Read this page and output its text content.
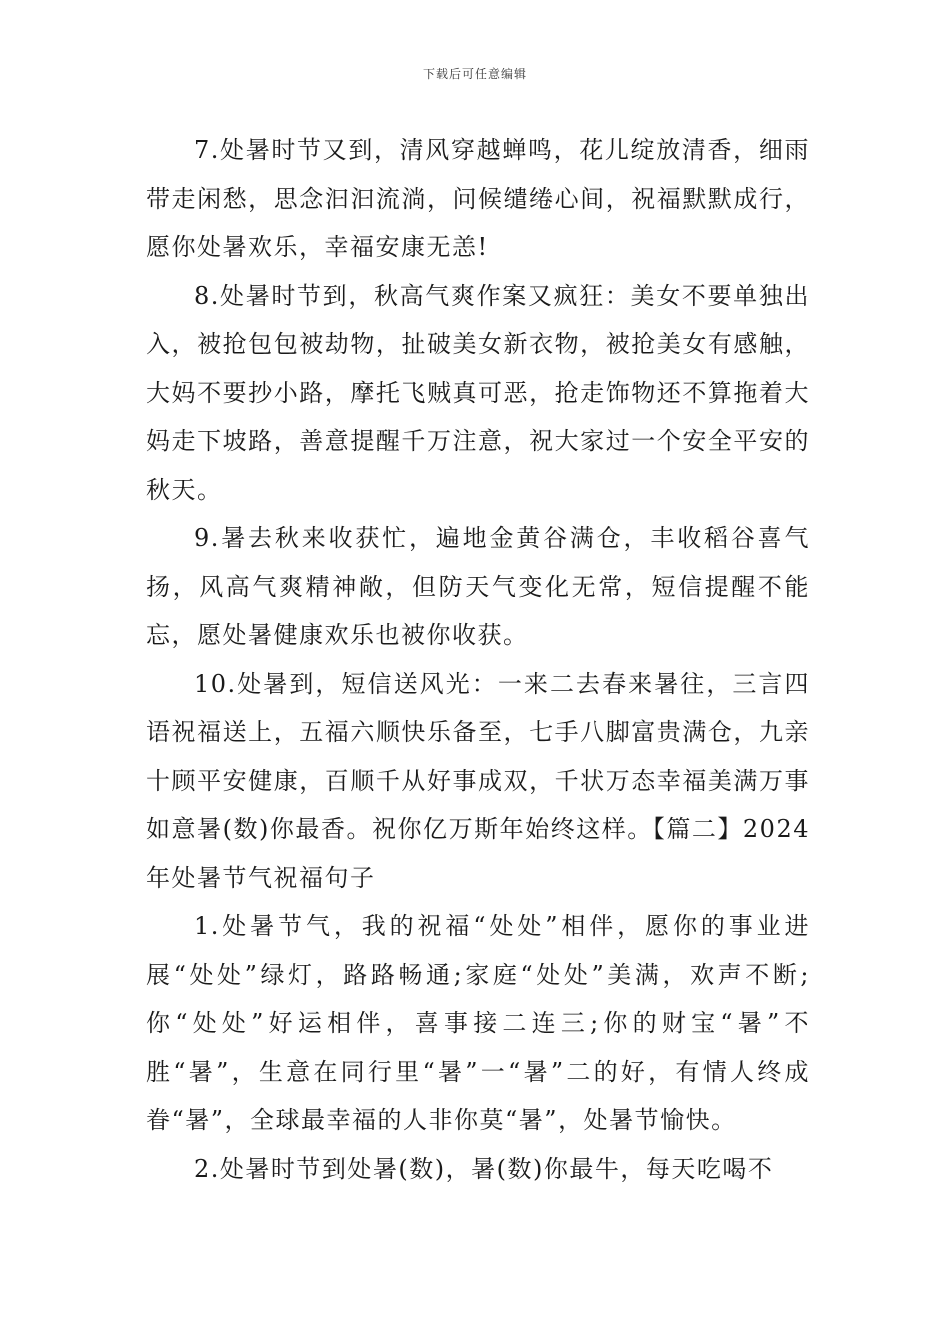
下载后可任意编辑

7.处暑时节又到，清风穿越蝉鸣，花儿绽放清香，细雨带走闲愁，思念汩汩流淌，问候缱绻心间，祝福默默成行，愿你处暑欢乐，幸福安康无恙!

8.处暑时节到，秋高气爽作案又疯狂：美女不要单独出入，被抢包包被劫物，扯破美女新衣物，被抢美女有感触，大妈不要抄小路，摩托飞贼真可恶，抢走饰物还不算拖着大妈走下坡路，善意提醒千万注意，祝大家过一个安全平安的秋天。

9.暑去秋来收获忙，遍地金黄谷满仓，丰收稻谷喜气扬，风高气爽精神敞，但防天气变化无常，短信提醒不能忘，愿处暑健康欢乐也被你收获。

10.处暑到，短信送风光：一来二去春来暑往，三言四语祝福送上，五福六顺快乐备至，七手八脚富贵满仓，九亲十顾平安健康，百顺千从好事成双，千状万态幸福美满万事如意暑(数)你最香。祝你亿万斯年始终这样。【篇二】2024年处暑节气祝福句子

1.处暑节气，我的祝福“处处”相伴，愿你的事业进展“处处”绿灯，路路畅通;家庭“处处”美满，欢声不断;你“处处”好运相伴，喜事接二连三;你的财宝“暑”不胜“暑”，生意在同行里“暑”一“暑”二的好，有情人终成眷“暑”，全球最幸福的人非你莫“暑”，处暑节愉快。

2.处暑时节到处暑(数)，暑(数)你最牛，每天吃喝不
